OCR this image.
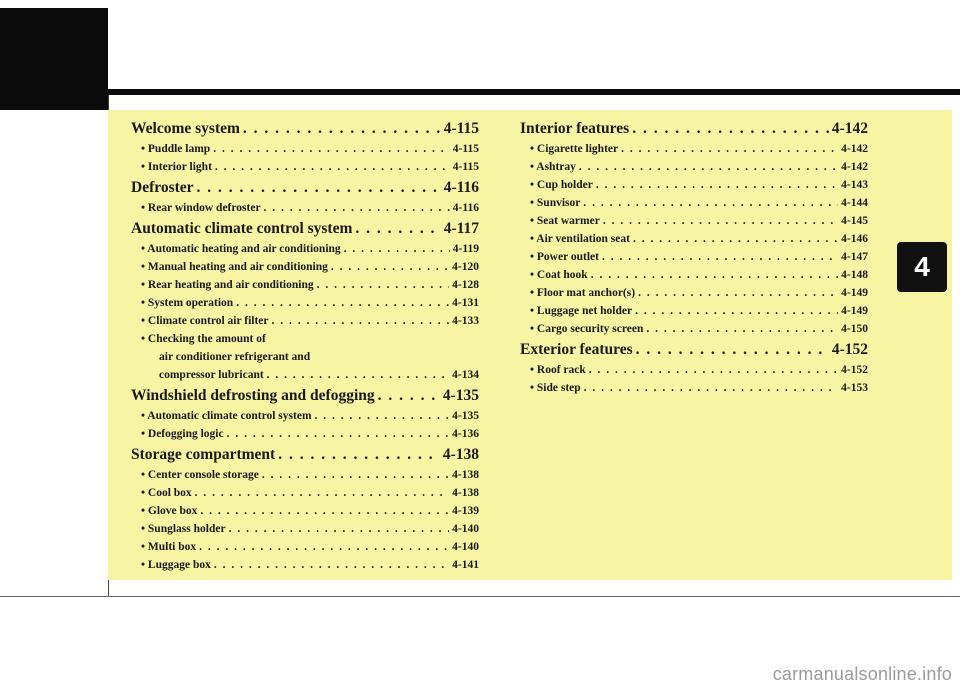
4
Welcome system . . .	4-115
• Puddle lamp . . .	4-115
• Interior light . . .	4-115
Defroster . . .	4-116
• Rear window defroster . . .	4-116
Automatic climate control system . . .	4-117
• Automatic heating and air conditioning . . .	4-119
• Manual heating and air conditioning . . .	4-120
• Rear heating and air conditioning . . .	4-128
• System operation . . .	4-131
• Climate control air filter . . .	4-133
• Checking the amount of
air conditioner refrigerant and
compressor lubricant . . .	4-134
Windshield defrosting and defogging . . .	4-135
• Automatic climate control system . . .	4-135
• Defogging logic . . .	4-136
Storage compartment . . .	4-138
• Center console storage . . .	4-138
• Cool box . . .	4-138
• Glove box . . .	4-139
• Sunglass holder . . .	4-140
• Multi box . . .	4-140
• Luggage box . . .	4-141
Interior features . . .	4-142
• Cigarette lighter . . .	4-142
• Ashtray . . .	4-142
• Cup holder . . .	4-143
• Sunvisor . . .	4-144
• Seat warmer . . .	4-145
• Air ventilation seat . . .	4-146
• Power outlet . . .	4-147
• Coat hook . . .	4-148
• Floor mat anchor(s) . . .	4-149
• Luggage net holder . . .	4-149
• Cargo security screen . . .	4-150
Exterior features . . .	4-152
• Roof rack . . .	4-152
• Side step . . .	4-153
carmanualsonline.info
